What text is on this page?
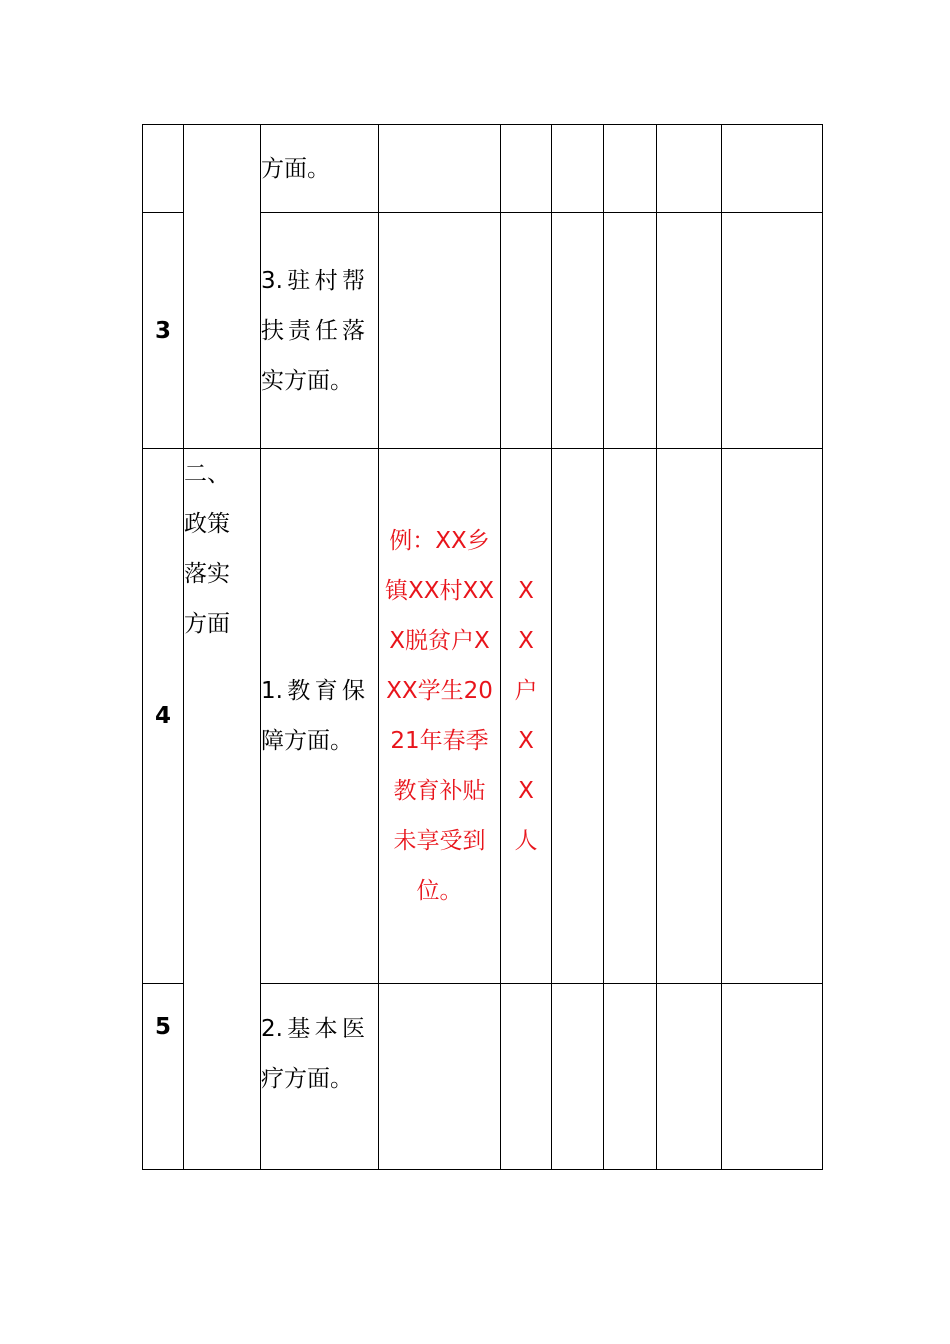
		方面。						

3		3.驻村帮扶责任落实方面。						

4	二、政策落实方面	1.教育保障方面。	例：XX乡镇XX村XXX脱贫户XXX学生2021年春季教育补贴未享受到位。	XX户XX人				

5		2.基本医疗方面。						
